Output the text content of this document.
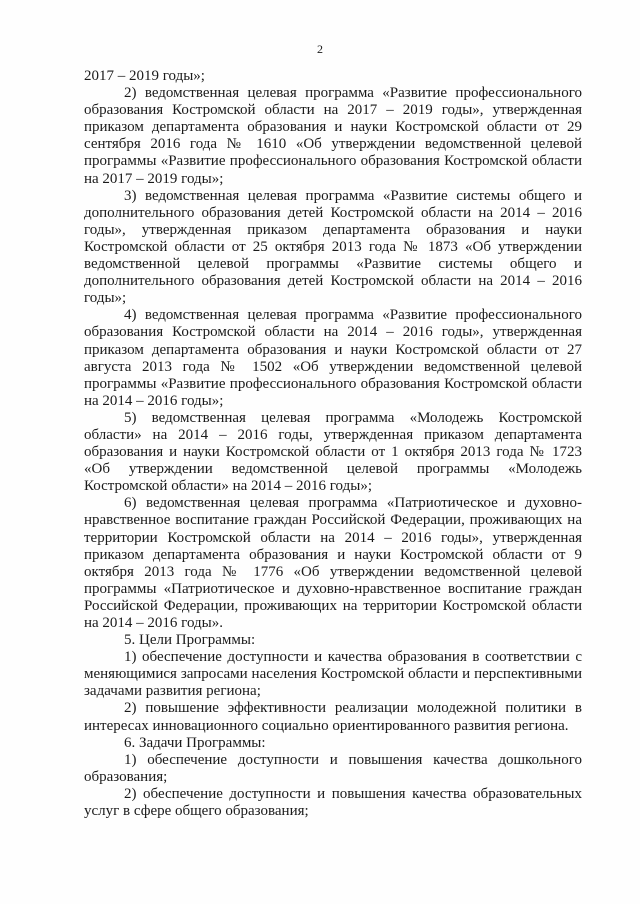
2

2017 – 2019 годы»;

2) ведомственная целевая программа «Развитие профессионального образования Костромской области на 2017 – 2019 годы», утвержденная приказом департамента образования и науки Костромской области от 29 сентября 2016 года № 1610 «Об утверждении ведомственной целевой программы «Развитие профессионального образования Костромской области на 2017 – 2019 годы»;

3) ведомственная целевая программа «Развитие системы общего и дополнительного образования детей Костромской области на 2014 – 2016 годы», утвержденная приказом департамента образования и науки Костромской области от 25 октября 2013 года № 1873 «Об утверждении ведомственной целевой программы «Развитие системы общего и дополнительного образования детей Костромской области на 2014 – 2016 годы»;

4) ведомственная целевая программа «Развитие профессионального образования Костромской области на 2014 – 2016 годы», утвержденная приказом департамента образования и науки Костромской области от 27 августа 2013 года № 1502 «Об утверждении ведомственной целевой программы «Развитие профессионального образования Костромской области на 2014 – 2016 годы»;

5) ведомственная целевая программа «Молодежь Костромской области» на 2014 – 2016 годы, утвержденная приказом департамента образования и науки Костромской области от 1 октября 2013 года № 1723 «Об утверждении ведомственной целевой программы «Молодежь Костромской области» на 2014 – 2016 годы»;

6) ведомственная целевая программа «Патриотическое и духовно-нравственное воспитание граждан Российской Федерации, проживающих на территории Костромской области на 2014 – 2016 годы», утвержденная приказом департамента образования и науки Костромской области от 9 октября 2013 года № 1776 «Об утверждении ведомственной целевой программы «Патриотическое и духовно-нравственное воспитание граждан Российской Федерации, проживающих на территории Костромской области на 2014 – 2016 годы».

5. Цели Программы:

1) обеспечение доступности и качества образования в соответствии с меняющимися запросами населения Костромской области и перспективными задачами развития региона;

2) повышение эффективности реализации молодежной политики в интересах инновационного социально ориентированного развития региона.

6. Задачи Программы:

1) обеспечение доступности и повышения качества дошкольного образования;

2) обеспечение доступности и повышения качества образовательных услуг в сфере общего образования;
